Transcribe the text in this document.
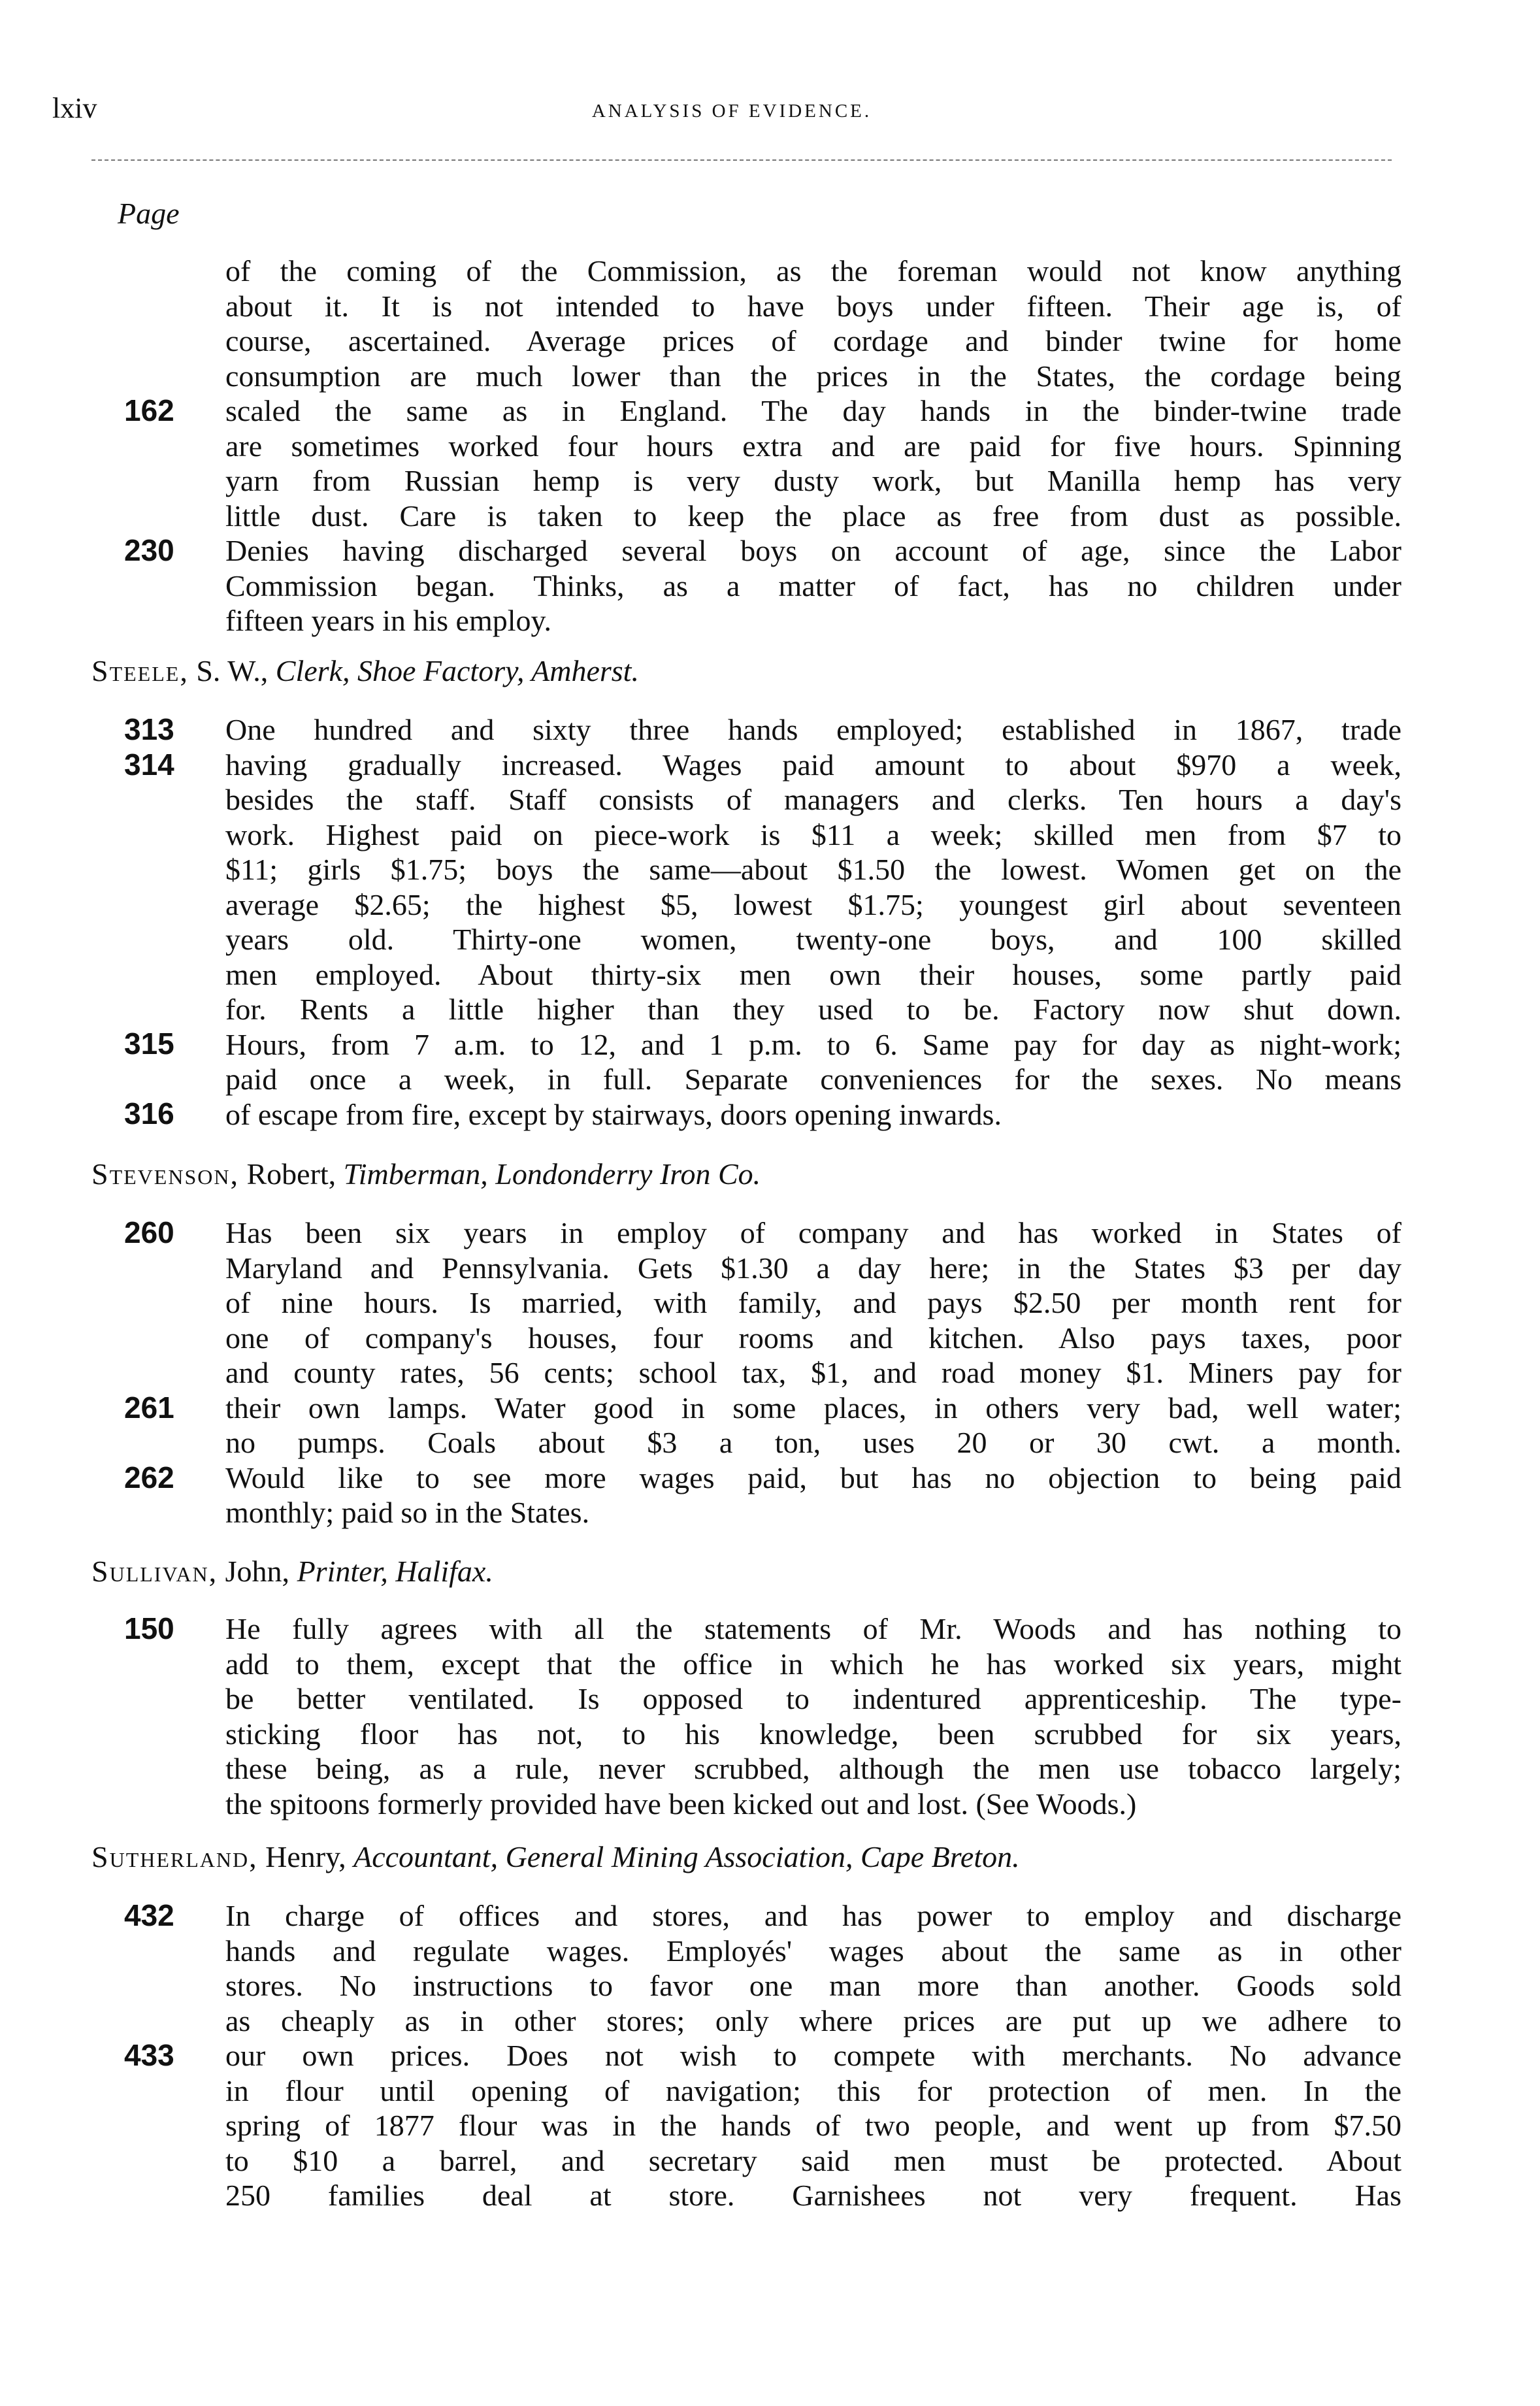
lxiv	ANALYSIS OF EVIDENCE.
Page
of the coming of the Commission, as the foreman would not know anything
about it. It is not intended to have boys under fifteen. Their age is, of
course, ascertained. Average prices of cordage and binder twine for home
consumption are much lower than the prices in the States, the cordage being
scaled the same as in England. The day hands in the binder-twine trade
are sometimes worked four hours extra and are paid for five hours. Spinning
yarn from Russian hemp is very dusty work, but Manilla hemp has very
little dust. Care is taken to keep the place as free from dust as possible.
Denies having discharged several boys on account of age, since the Labor
Commission began. Thinks, as a matter of fact, has no children under
fifteen years in his employ.
162
230
Steele, S. W., Clerk, Shoe Factory, Amherst.
One hundred and sixty three hands employed; established in 1867, trade
having gradually increased. Wages paid amount to about $970 a week,
besides the staff. Staff consists of managers and clerks. Ten hours a day's
work. Highest paid on piece-work is $11 a week; skilled men from $7 to
$11; girls $1.75; boys the same—about $1.50 the lowest. Women get on the
average $2.65; the highest $5, lowest $1.75; youngest girl about seventeen
years old. Thirty-one women, twenty-one boys, and 100 skilled
men employed. About thirty-six men own their houses, some partly paid
for. Rents a little higher than they used to be. Factory now shut down.
Hours, from 7 a.m. to 12, and 1 p.m. to 6. Same pay for day as night-work;
paid once a week, in full. Separate conveniences for the sexes. No means
of escape from fire, except by stairways, doors opening inwards.
313
314
315
316
Stevenson, Robert, Timberman, Londonderry Iron Co.
Has been six years in employ of company and has worked in States of
Maryland and Pennsylvania. Gets $1.30 a day here; in the States $3 per day
of nine hours. Is married, with family, and pays $2.50 per month rent for
one of company's houses, four rooms and kitchen. Also pays taxes, poor
and county rates, 56 cents; school tax, $1, and road money $1. Miners pay for
their own lamps. Water good in some places, in others very bad, well water;
no pumps. Coals about $3 a ton, uses 20 or 30 cwt. a month.
Would like to see more wages paid, but has no objection to being paid
monthly; paid so in the States.
260
261
262
Sullivan, John, Printer, Halifax.
He fully agrees with all the statements of Mr. Woods and has nothing to
add to them, except that the office in which he has worked six years, might
be better ventilated. Is opposed to indentured apprenticeship. The type-
sticking floor has not, to his knowledge, been scrubbed for six years,
these being, as a rule, never scrubbed, although the men use tobacco largely;
the spitoons formerly provided have been kicked out and lost. (See Woods.)
150
Sutherland, Henry, Accountant, General Mining Association, Cape Breton.
In charge of offices and stores, and has power to employ and discharge
hands and regulate wages. Employés' wages about the same as in other
stores. No instructions to favor one man more than another. Goods sold
as cheaply as in other stores; only where prices are put up we adhere to
our own prices. Does not wish to compete with merchants. No advance
in flour until opening of navigation; this for protection of men. In the
spring of 1877 flour was in the hands of two people, and went up from $7.50
to $10 a barrel, and secretary said men must be protected. About
250 families deal at store. Garnishees not very frequent. Has
432
433
